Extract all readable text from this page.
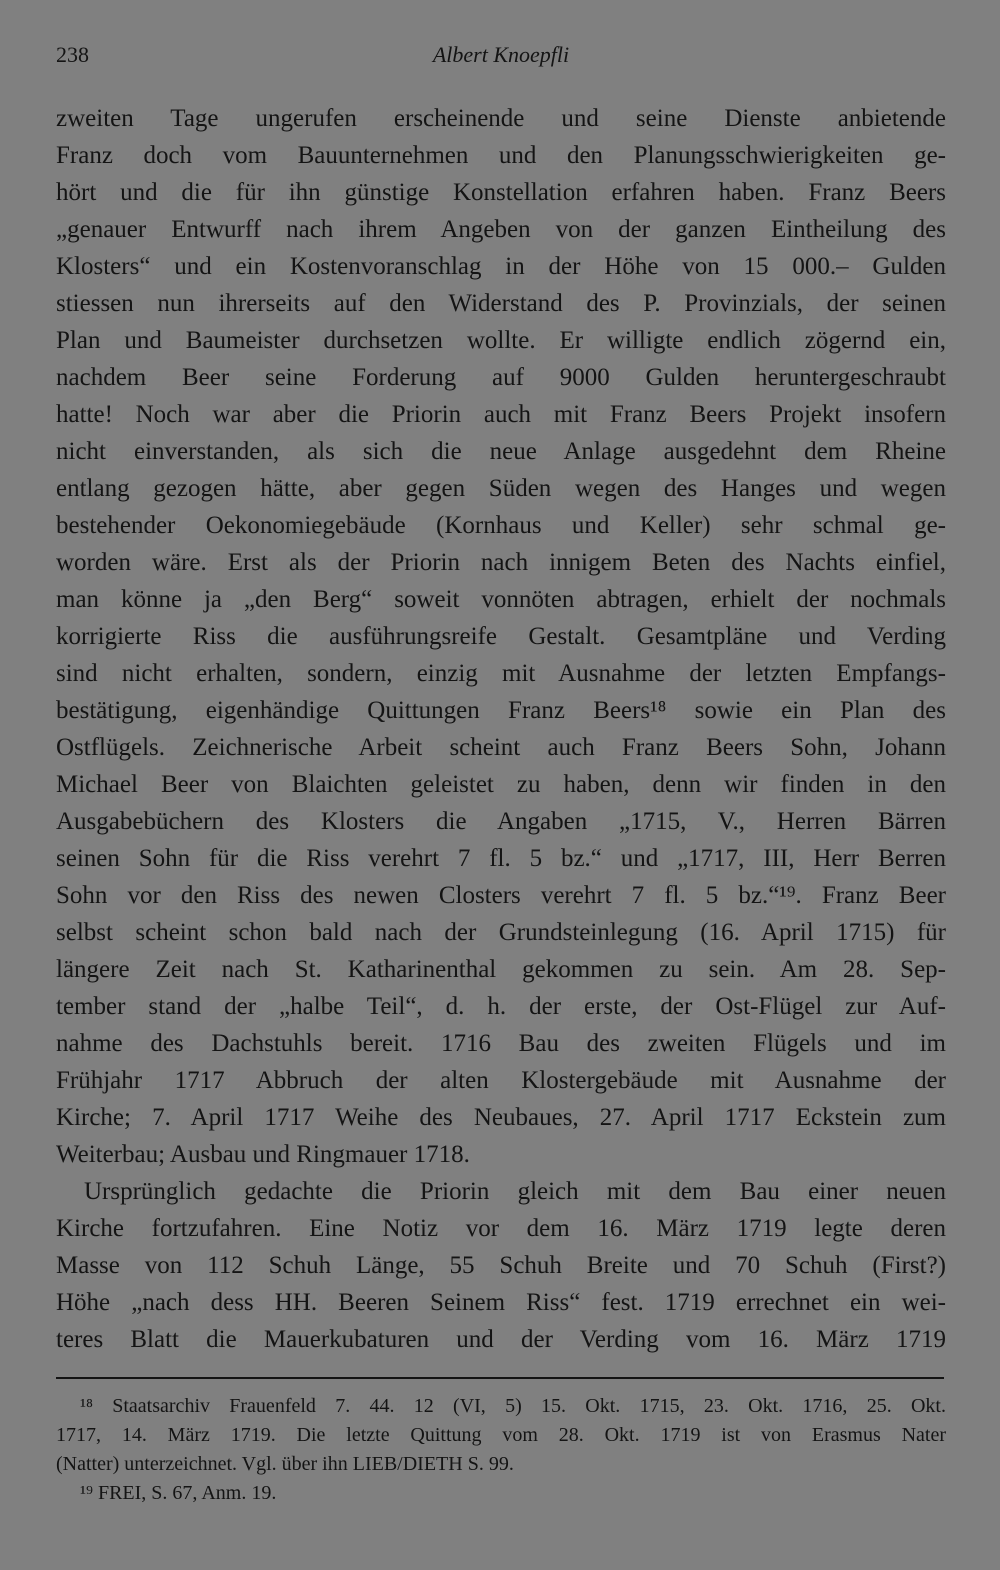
238	Albert Knoepfli
zweiten Tage ungerufen erscheinende und seine Dienste anbietende
Franz doch vom Bauunternehmen und den Planungsschwierigkeiten ge-
hört und die für ihn günstige Konstellation erfahren haben. Franz Beers
„genauer Entwurff nach ihrem Angeben von der ganzen Eintheilung des
Klosters“ und ein Kostenvoranschlag in der Höhe von 15 000.– Gulden
stiessen nun ihrerseits auf den Widerstand des P. Provinzials, der seinen
Plan und Baumeister durchsetzen wollte. Er willigte endlich zögernd ein,
nachdem Beer seine Forderung auf 9000 Gulden heruntergeschraubt
hatte! Noch war aber die Priorin auch mit Franz Beers Projekt insofern
nicht einverstanden, als sich die neue Anlage ausgedehnt dem Rheine
entlang gezogen hätte, aber gegen Süden wegen des Hanges und wegen
bestehender Oekonomiegebäude (Kornhaus und Keller) sehr schmal ge-
worden wäre. Erst als der Priorin nach innigem Beten des Nachts einfiel,
man könne ja „den Berg“ soweit vonnöten abtragen, erhielt der nochmals
korrigierte Riss die ausführungsreife Gestalt. Gesamtpläne und Verding
sind nicht erhalten, sondern, einzig mit Ausnahme der letzten Empfangs-
bestätigung, eigenhändige Quittungen Franz Beers¹⁸ sowie ein Plan des
Ostflügels. Zeichnerische Arbeit scheint auch Franz Beers Sohn, Johann
Michael Beer von Blaichten geleistet zu haben, denn wir finden in den
Ausgabebüchern des Klosters die Angaben „1715, V., Herren Bärren
seinen Sohn für die Riss verehrt 7 fl. 5 bz.“ und „1717, III, Herr Berren
Sohn vor den Riss des newen Closters verehrt 7 fl. 5 bz.“¹⁹. Franz Beer
selbst scheint schon bald nach der Grundsteinlegung (16. April 1715) für
längere Zeit nach St. Katharinenthal gekommen zu sein. Am 28. Sep-
tember stand der „halbe Teil“, d. h. der erste, der Ost-Flügel zur Auf-
nahme des Dachstuhls bereit. 1716 Bau des zweiten Flügels und im
Frühjahr 1717 Abbruch der alten Klostergebäude mit Ausnahme der
Kirche; 7. April 1717 Weihe des Neubaues, 27. April 1717 Eckstein zum
Weiterbau; Ausbau und Ringmauer 1718.
Ursprünglich gedachte die Priorin gleich mit dem Bau einer neuen
Kirche fortzufahren. Eine Notiz vor dem 16. März 1719 legte deren
Masse von 112 Schuh Länge, 55 Schuh Breite und 70 Schuh (First?)
Höhe „nach dess HH. Beeren Seinem Riss“ fest. 1719 errechnet ein wei-
teres Blatt die Mauerkubaturen und der Verding vom 16. März 1719
¹⁸ Staatsarchiv Frauenfeld 7. 44. 12 (VI, 5) 15. Okt. 1715, 23. Okt. 1716, 25. Okt.
1717, 14. März 1719. Die letzte Quittung vom 28. Okt. 1719 ist von Erasmus Nater
(Natter) unterzeichnet. Vgl. über ihn LIEB/DIETH S. 99.
¹⁹ FREI, S. 67, Anm. 19.
